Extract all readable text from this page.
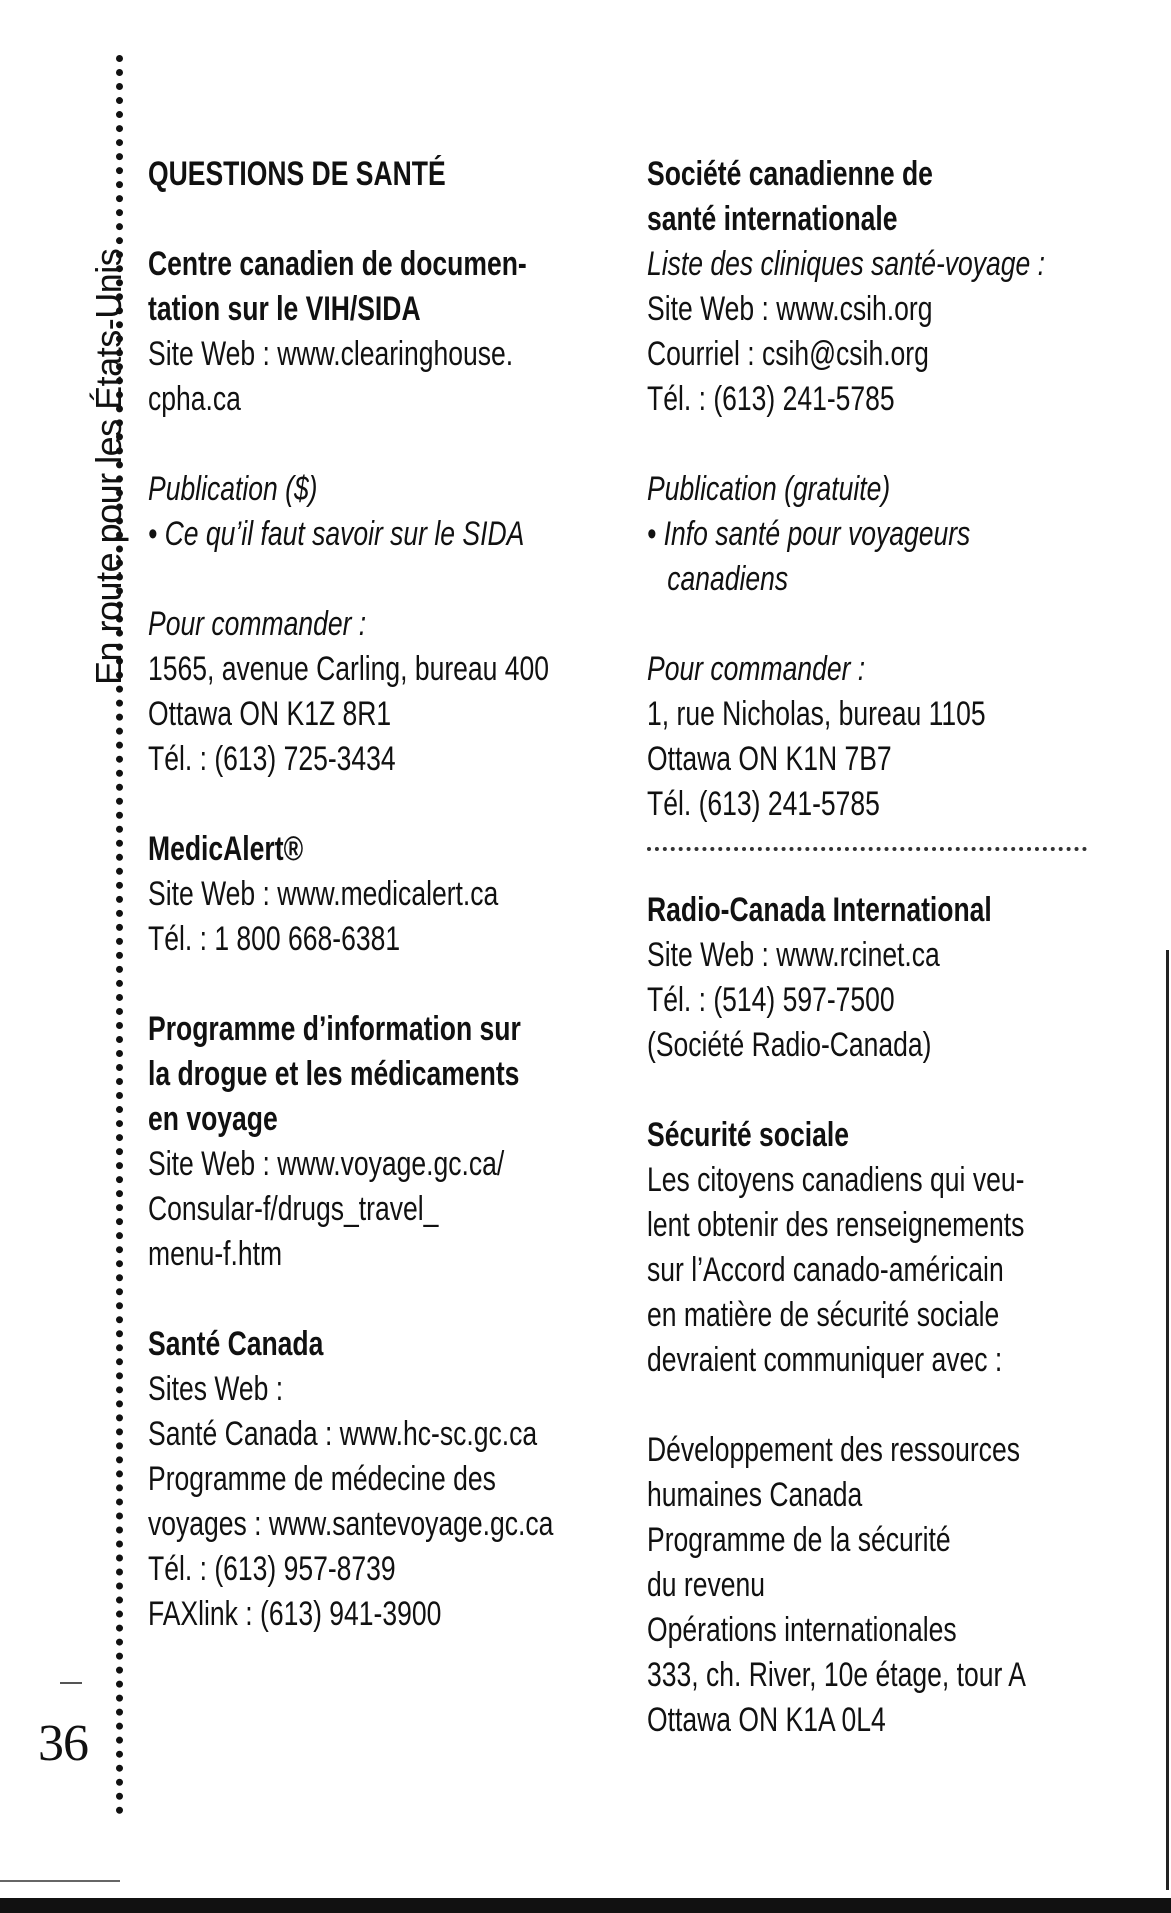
En route pour les États-Unis
36
QUESTIONS DE SANTÉ
Centre canadien de documen-
tation sur le VIH/SIDA
Site Web : www.clearinghouse.
cpha.ca
Publication ($)
• Ce qu’il faut savoir sur le SIDA
Pour commander :
1565, avenue Carling, bureau 400
Ottawa ON K1Z 8R1
Tél. : (613) 725-3434
MedicAlert®
Site Web : www.medicalert.ca
Tél. : 1 800 668-6381
Programme d’information sur
la drogue et les médicaments
en voyage
Site Web : www.voyage.gc.ca/
Consular-f/drugs_travel_
menu-f.htm
Santé Canada
Sites Web :
Santé Canada : www.hc-sc.gc.ca
Programme de médecine des
voyages : www.santevoyage.gc.ca
Tél. : (613) 957-8739
FAXlink : (613) 941-3900
Société canadienne de
santé internationale
Liste des cliniques santé-voyage :
Site Web : www.csih.org
Courriel : csih@csih.org
Tél. : (613) 241-5785
Publication (gratuite)
• Info santé pour voyageurs
canadiens
Pour commander :
1, rue Nicholas, bureau 1105
Ottawa ON K1N 7B7
Tél. (613) 241-5785
Radio-Canada International
Site Web : www.rcinet.ca
Tél. : (514) 597-7500
(Société Radio-Canada)
Sécurité sociale
Les citoyens canadiens qui veu-
lent obtenir des renseignements
sur l’Accord canado-américain
en matière de sécurité sociale
devraient communiquer avec :
Développement des ressources
humaines Canada
Programme de la sécurité
du revenu
Opérations internationales
333, ch. River, 10e étage, tour A
Ottawa ON K1A 0L4
